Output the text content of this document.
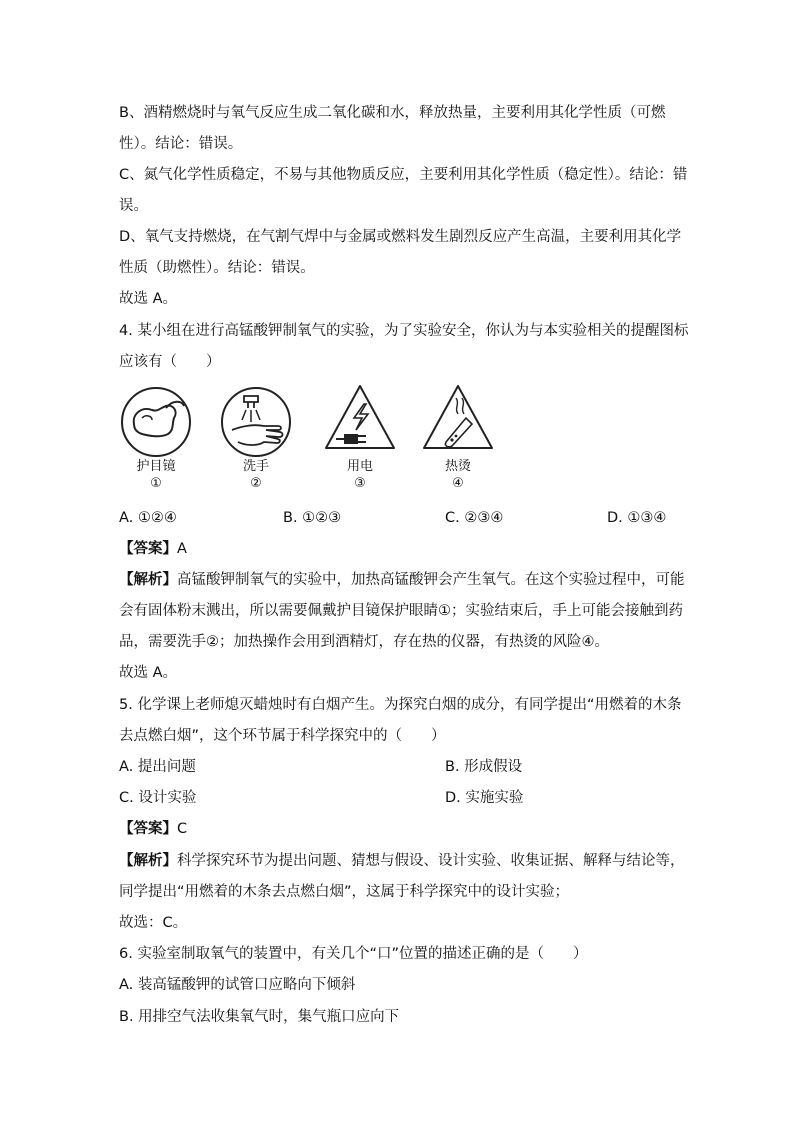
B、酒精燃烧时与氧气反应生成二氧化碳和水，释放热量，主要利用其化学性质（可燃
性）。结论：错误。
C、氮气化学性质稳定，不易与其他物质反应，主要利用其化学性质（稳定性）。结论：错
误。
D、氧气支持燃烧，在气割气焊中与金属或燃料发生剧烈反应产生高温，主要利用其化学
性质（助燃性）。结论：错误。
故选 A。
4. 某小组在进行高锰酸钾制氧气的实验，为了实验安全，你认为与本实验相关的提醒图标
应该有（　　）
护目镜
①
洗手
②
用电
③
热烫
④
A. ①②④	B. ①②③	C. ②③④	D. ①③④
【答案】A
【解析】高锰酸钾制氧气的实验中，加热高锰酸钾会产生氧气。在这个实验过程中，可能
会有固体粉末溅出，所以需要佩戴护目镜保护眼睛①；实验结束后，手上可能会接触到药
品，需要洗手②；加热操作会用到酒精灯，存在热的仪器，有热烫的风险④。
故选 A。
5. 化学课上老师熄灭蜡烛时有白烟产生。为探究白烟的成分，有同学提出“用燃着的木条
去点燃白烟”，这个环节属于科学探究中的（　　）
A. 提出问题	B. 形成假设
C. 设计实验	D. 实施实验
【答案】C
【解析】科学探究环节为提出问题、猜想与假设、设计实验、收集证据、解释与结论等，
同学提出“用燃着的木条去点燃白烟”，这属于科学探究中的设计实验；
故选：C。
6. 实验室制取氧气的装置中，有关几个“口”位置的描述正确的是（　　）
A. 装高锰酸钾的试管口应略向下倾斜
B. 用排空气法收集氧气时，集气瓶口应向下
